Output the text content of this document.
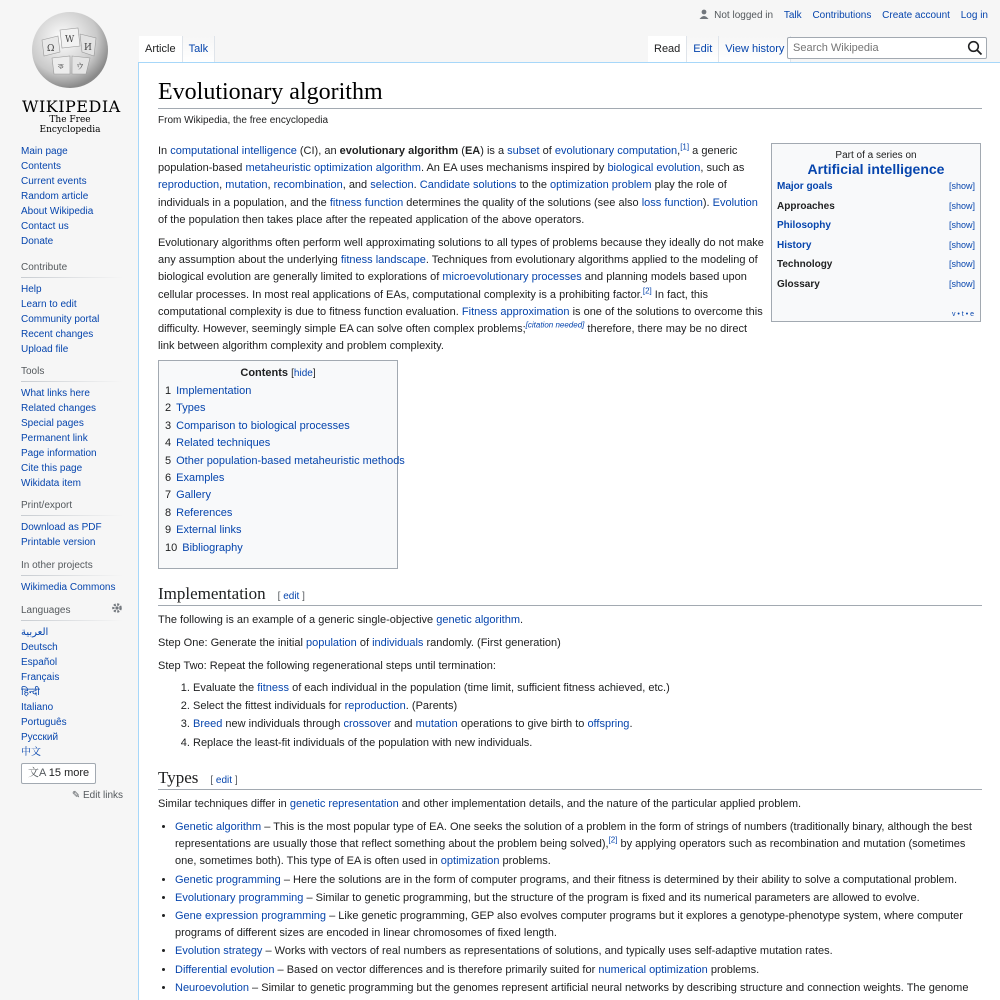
Ω
W
И
ক ウ
WIKIPEDIA
The Free Encyclopedia
Main page
Contents
Current events
Random article
About Wikipedia
Contact us
Donate
Contribute
Help
Learn to edit
Community portal
Recent changes
Upload file
Tools
What links here
Related changes
Special pages
Permanent link
Page information
Cite this page
Wikidata item
Print/export
Download as PDF
Printable version
In other projects
Wikimedia Commons
Languages
العربية
Deutsch
Español
Français
हिन्दी
Italiano
Português
Русский
中文
文A 15 more
✎ Edit links
Not logged in Talk Contributions Create account Log in
Article	Talk	Read	Edit	View history
Search Wikipedia
Evolutionary algorithm
From Wikipedia, the free encyclopedia
In computational intelligence (CI), an evolutionary algorithm (EA) is a subset of evolutionary computation,[1] a generic population-based metaheuristic optimization algorithm. An EA uses mechanisms inspired by biological evolution, such as reproduction, mutation, recombination, and selection. Candidate solutions to the optimization problem play the role of individuals in a population, and the fitness function determines the quality of the solutions (see also loss function). Evolution of the population then takes place after the repeated application of the above operators.
Evolutionary algorithms often perform well approximating solutions to all types of problems because they ideally do not make any assumption about the underlying fitness landscape. Techniques from evolutionary algorithms applied to the modeling of biological evolution are generally limited to explorations of microevolutionary processes and planning models based upon cellular processes. In most real applications of EAs, computational complexity is a prohibiting factor.[2] In fact, this computational complexity is due to fitness function evaluation. Fitness approximation is one of the solutions to overcome this difficulty. However, seemingly simple EA can solve often complex problems;[citation needed] therefore, there may be no direct link between algorithm complexity and problem complexity.
Part of a series on
Artificial intelligence
Major goals	[show]
Approaches	[show]
Philosophy	[show]
History	[show]
Technology	[show]
Glossary	[show]
v • t • e
Contents [hide]
1 Implementation
2 Types
3 Comparison to biological processes
4 Related techniques
5 Other population-based metaheuristic methods
6 Examples
7 Gallery
8 References
9 External links
10 Bibliography
Implementation [ edit ]
The following is an example of a generic single-objective genetic algorithm.
Step One: Generate the initial population of individuals randomly. (First generation)
Step Two: Repeat the following regenerational steps until termination:
1. Evaluate the fitness of each individual in the population (time limit, sufficient fitness achieved, etc.)
2. Select the fittest individuals for reproduction. (Parents)
3. Breed new individuals through crossover and mutation operations to give birth to offspring.
4. Replace the least-fit individuals of the population with new individuals.
Types [ edit ]
Similar techniques differ in genetic representation and other implementation details, and the nature of the particular applied problem.
• Genetic algorithm – This is the most popular type of EA. One seeks the solution of a problem in the form of strings of numbers (traditionally binary, although the best representations are usually those that reflect something about the problem being solved),[2] by applying operators such as recombination and mutation (sometimes one, sometimes both). This type of EA is often used in optimization problems.
• Genetic programming – Here the solutions are in the form of computer programs, and their fitness is determined by their ability to solve a computational problem.
• Evolutionary programming – Similar to genetic programming, but the structure of the program is fixed and its numerical parameters are allowed to evolve.
• Gene expression programming – Like genetic programming, GEP also evolves computer programs but it explores a genotype-phenotype system, where computer programs of different sizes are encoded in linear chromosomes of fixed length.
• Evolution strategy – Works with vectors of real numbers as representations of solutions, and typically uses self-adaptive mutation rates.
• Differential evolution – Based on vector differences and is therefore primarily suited for numerical optimization problems.
• Neuroevolution – Similar to genetic programming but the genomes represent artificial neural networks by describing structure and connection weights. The genome
